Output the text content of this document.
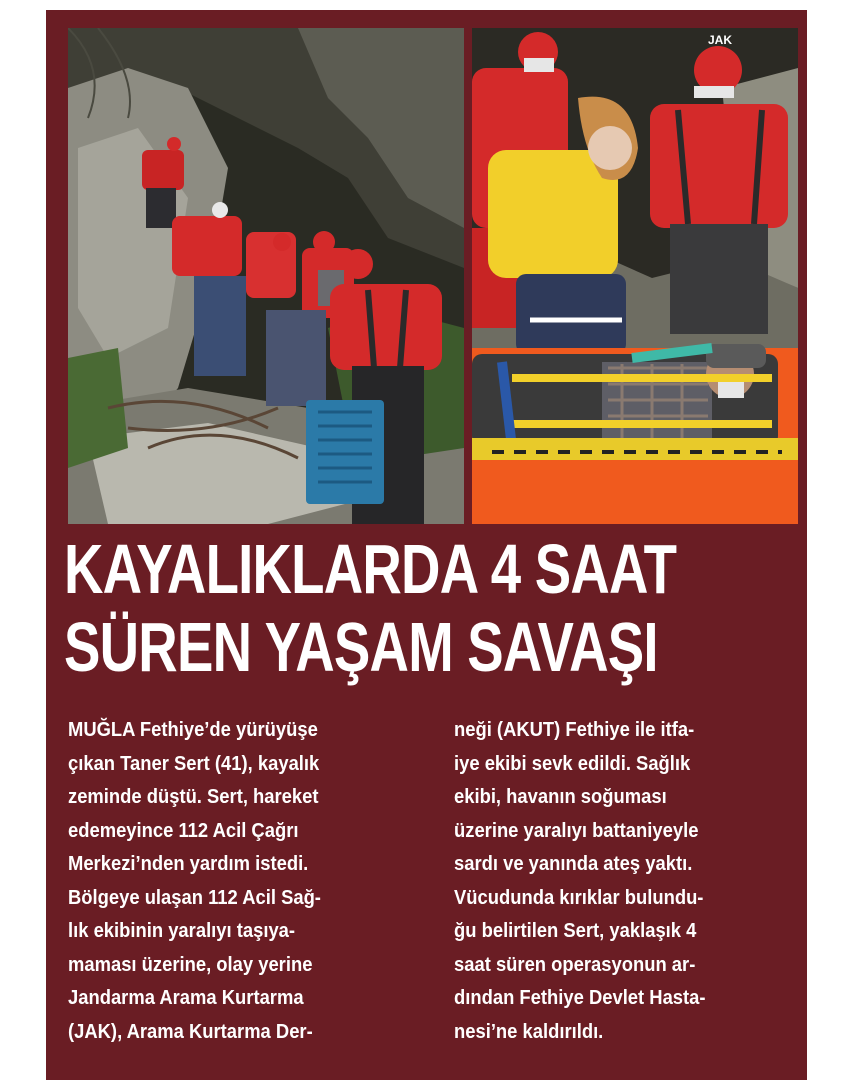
JAK
KAYALIKLARDA 4 SAAT
SÜREN YAŞAM SAVAŞI
MUĞLA Fethiye’de yürüyüşe
çıkan Taner Sert (41), kayalık
zeminde düştü. Sert, hareket
edemeyince 112 Acil Çağrı
Merkezi’nden yardım istedi.
Bölgeye ulaşan 112 Acil Sağ-
lık ekibinin yaralıyı taşıya-
maması üzerine, olay yerine
Jandarma Arama Kurtarma
(JAK), Arama Kurtarma Der-
neği (AKUT) Fethiye ile itfa-
iye ekibi sevk edildi. Sağlık
ekibi, havanın soğuması
üzerine yaralıyı battaniyeyle
sardı ve yanında ateş yaktı.
Vücudunda kırıklar bulundu-
ğu belirtilen Sert, yaklaşık 4
saat süren operasyonun ar-
dından Fethiye Devlet Hasta-
nesi’ne kaldırıldı.
